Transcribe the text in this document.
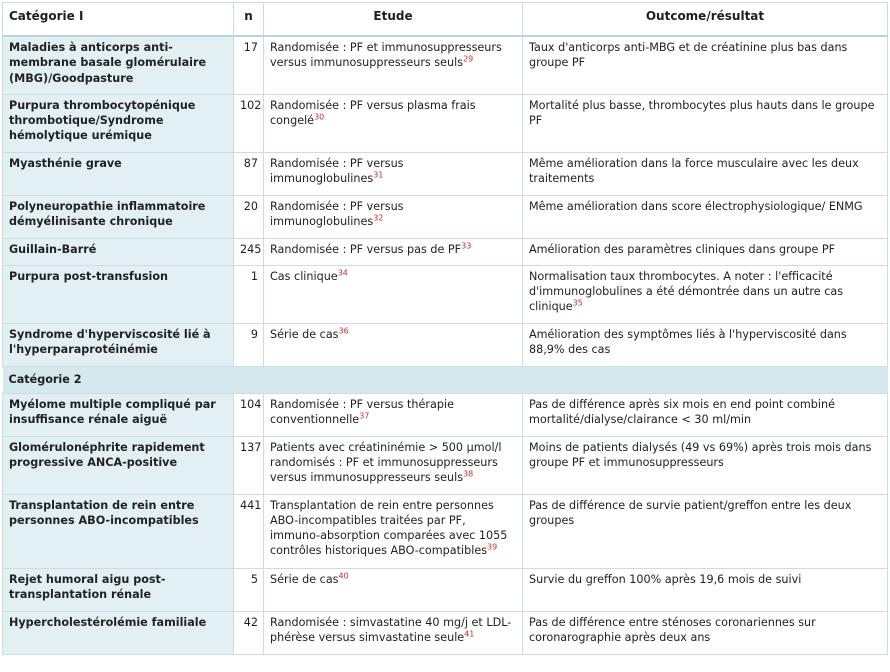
Catégorie I	n	Etude	Outcome/résultat
Maladies à anticorps anti-membrane basale glomérulaire (MBG)/Goodpasture	17	Randomisée : PF et immunosuppresseurs versus immunosuppresseurs seuls$^{29}$	Taux d'anticorps anti-MBG et de créatinine plus bas dans groupe PF
Purpura thrombocytopénique thrombotique/Syndrome hémolytique urémique	102	Randomisée : PF versus plasma frais congelé$^{30}$	Mortalité plus basse, thrombocytes plus hauts dans le groupe PF
Myasthénie grave	87	Randomisée : PF versus immunoglobulines$^{31}$	Même amélioration dans la force musculaire avec les deux traitements
Polyneuropathie inflammatoire démyélinisante chronique	20	Randomisée : PF versus immunoglobulines$^{32}$	Même amélioration dans score électrophysiologique/ ENMG
Guillain-Barré	245	Randomisée : PF versus pas de PF$^{33}$	Amélioration des paramètres cliniques dans groupe PF
Purpura post-transfusion	1	Cas clinique$^{34}$	Normalisation taux thrombocytes. A noter : l'efficacité d'immunoglobulines a été démontrée dans un autre cas clinique$^{35}$
Syndrome d'hyperviscosité lié à l'hyperparaprotéinémie	9	Série de cas$^{36}$	Amélioration des symptômes liés à l'hyperviscosité dans 88,9% des cas
Catégorie 2			
Myélome multiple compliqué par insuffisance rénale aiguë	104	Randomisée : PF versus thérapie conventionnelle$^{37}$	Pas de différence après six mois en end point combiné mortalité/dialyse/clairance < 30 ml/min
Glomérulonéphrite rapidement progressive ANCA-positive	137	Patients avec créatininémie > 500 μmol/l randomisés : PF et immunosuppresseurs versus immunosuppresseurs seuls$^{38}$	Moins de patients dialysés (49 vs 69%) après trois mois dans groupe PF et immunosuppresseurs
Transplantation de rein entre personnes ABO-incompatibles	441	Transplantation de rein entre personnes ABO-incompatibles traitées par PF, immuno-absorption comparées avec 1055 contrôles historiques ABO-compatibles$^{39}$	Pas de différence de survie patient/greffon entre les deux groupes
Rejet humoral aigu post-transplantation rénale	5	Série de cas$^{40}$	Survie du greffon 100% après 19,6 mois de suivi
Hypercholestérolémie familiale	42	Randomisée : simvastatine 40 mg/j et LDL-phérèse versus simvastatine seule$^{41}$	Pas de différence entre sténoses coronariennes sur coronarographie après deux ans
